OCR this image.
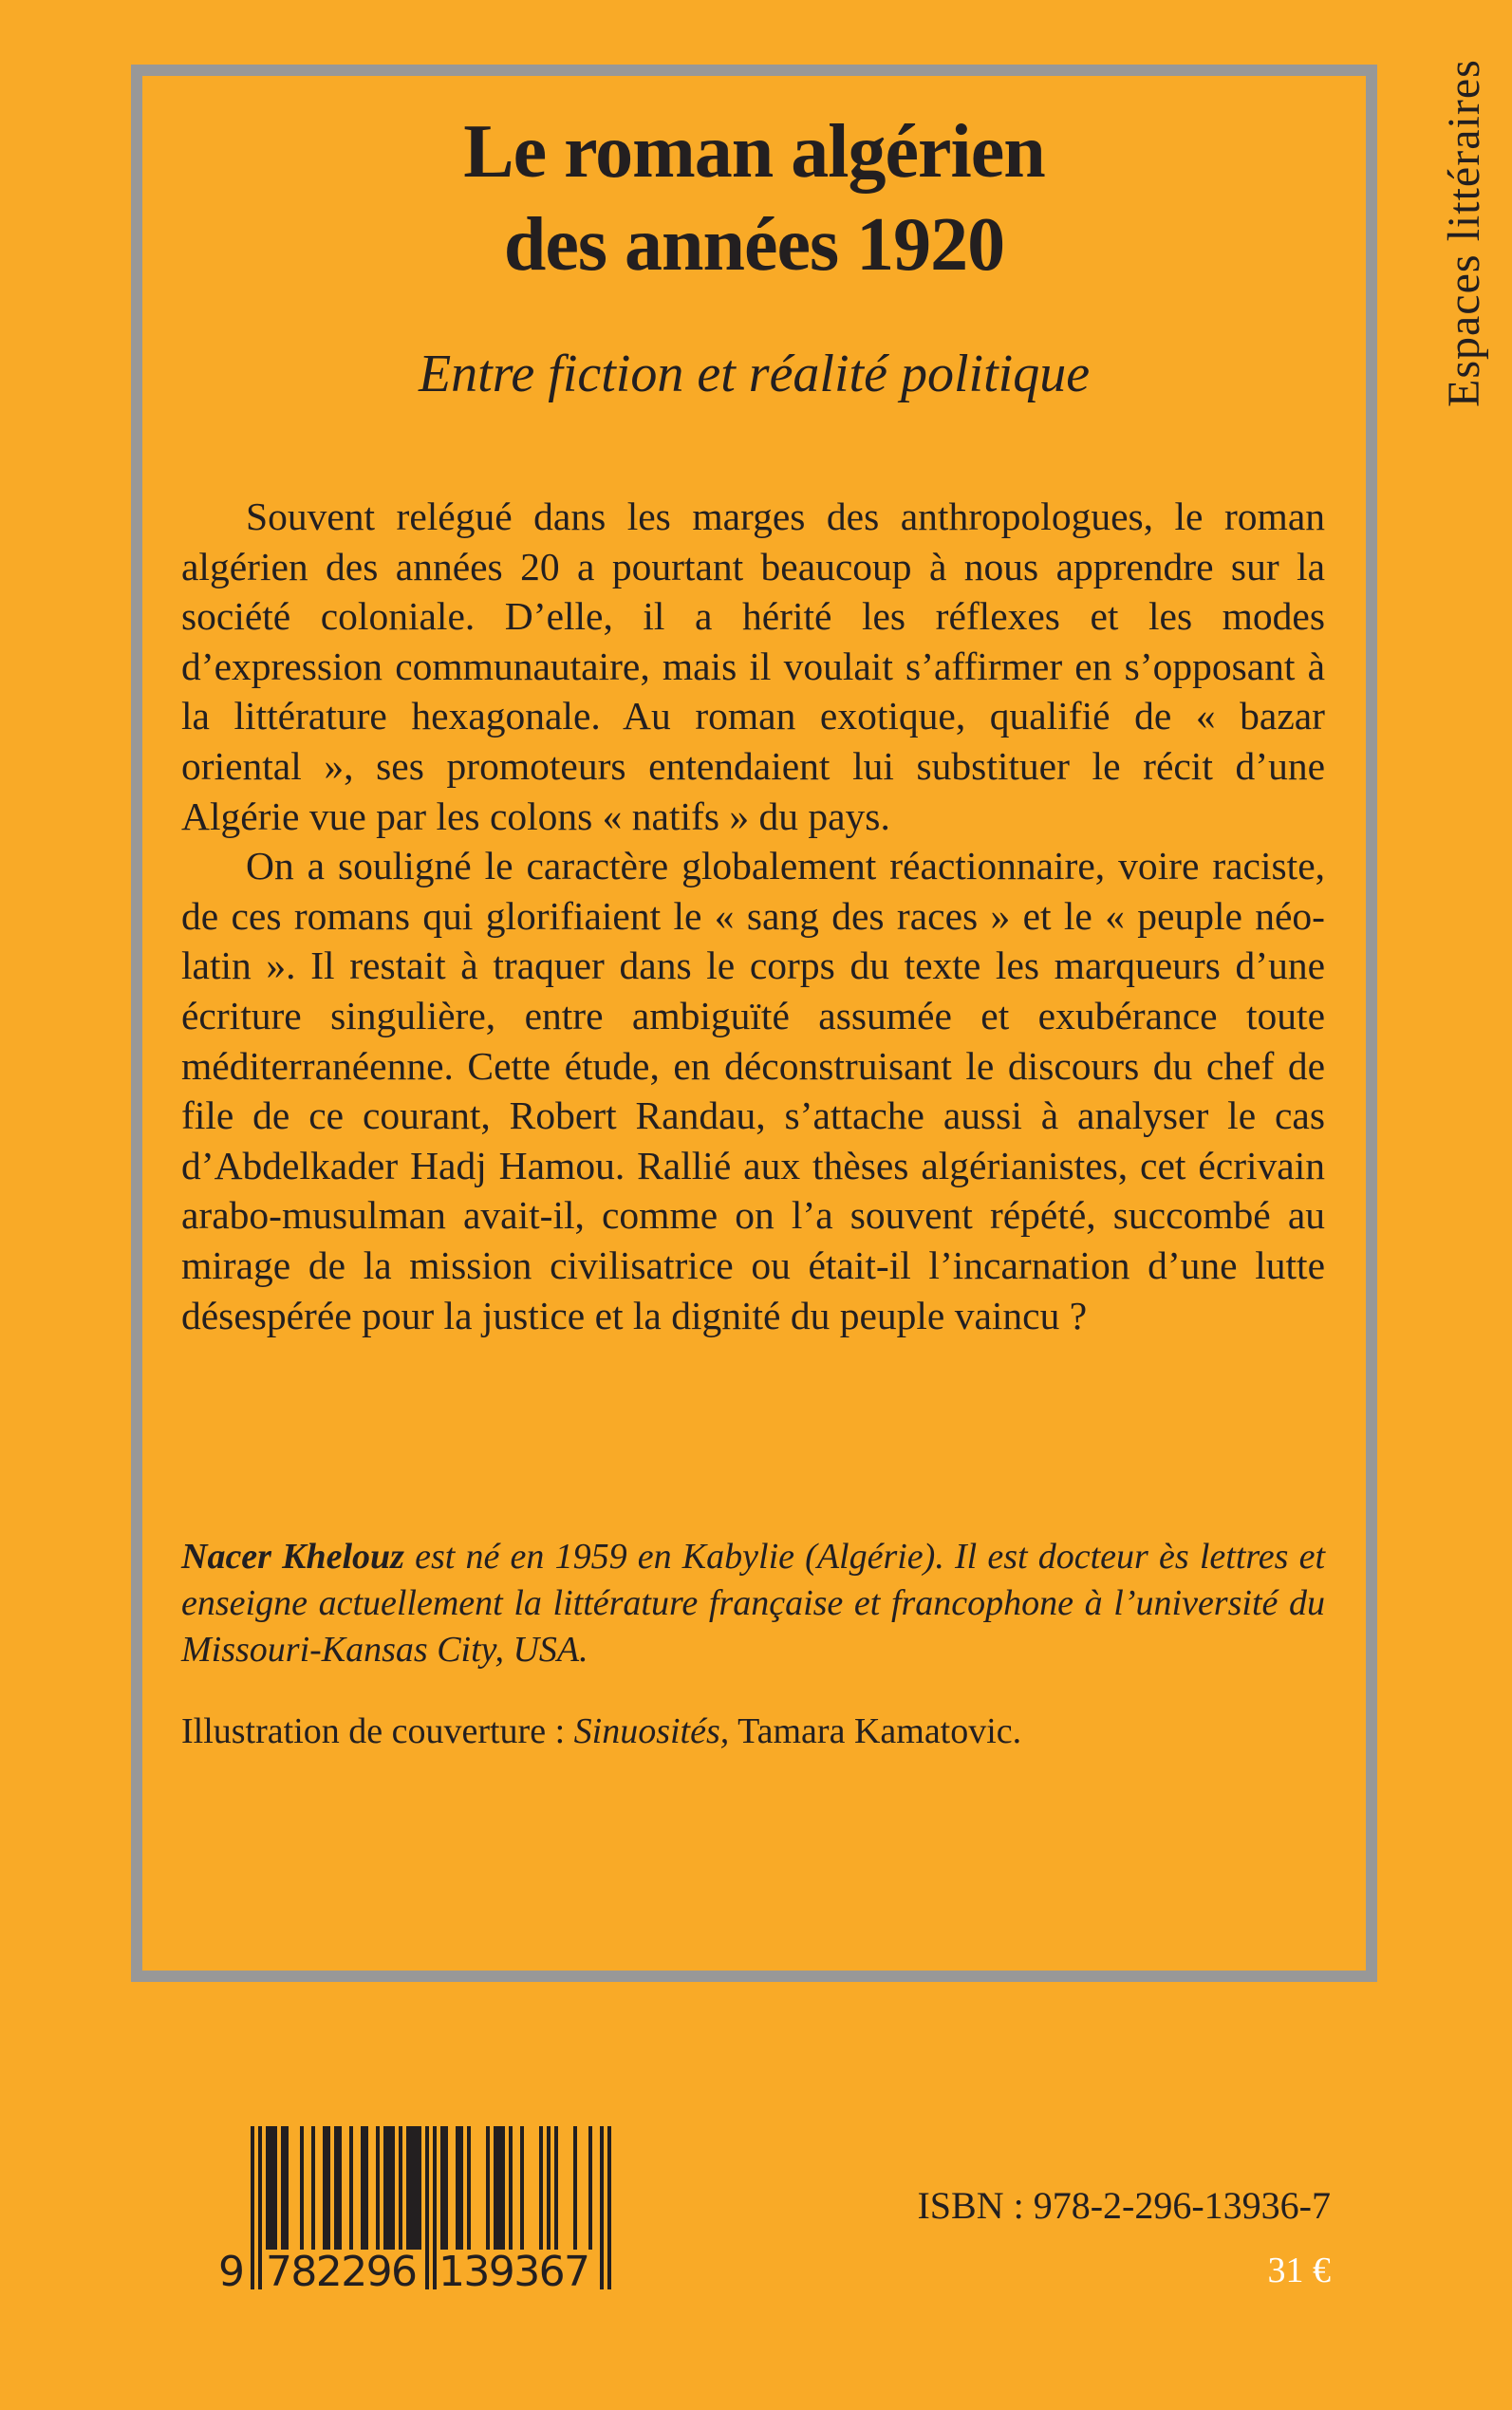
Le roman algérien
des années 1920
Entre fiction et réalité politique

Souvent relégué dans les marges des anthropologues, le roman algérien des années 20 a pourtant beaucoup à nous apprendre sur la société coloniale. D’elle, il a hérité les réflexes et les modes d’expression communautaire, mais il voulait s’affirmer en s’opposant à la littérature hexagonale. Au roman exotique, qualifié de « bazar oriental », ses promoteurs entendaient lui substituer le récit d’une Algérie vue par les colons « natifs » du pays.

On a souligné le caractère globalement réactionnaire, voire raciste, de ces romans qui glorifiaient le « sang des races » et le « peuple néo-latin ». Il restait à traquer dans le corps du texte les marqueurs d’une écriture singulière, entre ambiguïté assumée et exubérance toute méditerranéenne. Cette étude, en déconstruisant le discours du chef de file de ce courant, Robert Randau, s’attache aussi à analyser le cas d’Abdelkader Hadj Hamou. Rallié aux thèses algérianistes, cet écrivain arabo-musulman avait-il, comme on l’a souvent répété, succombé au mirage de la mission civilisatrice ou était-il l’incarnation d’une lutte désespérée pour la justice et la dignité du peuple vaincu ?

Nacer Khelouz est né en 1959 en Kabylie (Algérie). Il est docteur ès lettres et enseigne actuellement la littérature française et francophone à l’université du Missouri-Kansas City, USA.
Illustration de couverture : Sinuosités, Tamara Kamatovic.
Espaces littéraires
9 782296 139367
ISBN : 978-2-296-13936-7
31 €
